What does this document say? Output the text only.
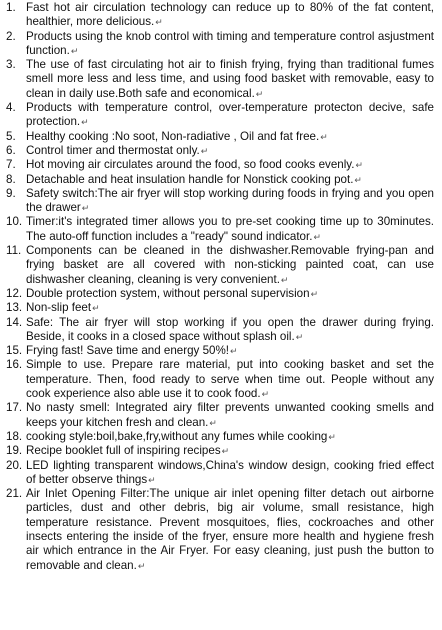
1. Fast hot air circulation technology can reduce up to 80% of the fat content, healthier, more delicious.↵
2. Products using the knob control with timing and temperature control asjustment function.↵
3. The use of fast circulating hot air to finish frying, frying than traditional fumes smell more less and less time, and using food basket with removable, easy to clean in daily use.Both safe and economical.↵
4. Products with temperature control, over-temperature protecton decive, safe protection.↵
5. Healthy cooking :No soot, Non-radiative , Oil and fat free.↵
6. Control timer and thermostat only.↵
7. Hot moving air circulates around the food, so food cooks evenly.↵
8. Detachable and heat insulation handle for Nonstick cooking pot.↵
9. Safety switch:The air fryer will stop working during foods in frying and you open the drawer↵
10. Timer:it's integrated timer allows you to pre-set cooking time up to 30minutes. The auto-off function includes a "ready" sound indicator.↵
11. Components can be cleaned in the dishwasher.Removable frying-pan and frying basket are all covered with non-sticking painted coat, can use dishwasher cleaning, cleaning is very convenient.↵
12. Double protection system, without personal supervision↵
13. Non-slip feet↵
14. Safe: The air fryer will stop working if you open the drawer during frying. Beside, it cooks in a closed space without splash oil.↵
15. Frying fast! Save time and energy 50%!↵
16. Simple to use. Prepare rare material, put into cooking basket and set the temperature. Then, food ready to serve when time out. People without any cook experience also able use it to cook food.↵
17. No nasty smell: Integrated airy filter prevents unwanted cooking smells and keeps your kitchen fresh and clean.↵
18. cooking style:boil,bake,fry,without any fumes while cooking↵
19. Recipe booklet full of inspiring recipes↵
20. LED lighting transparent windows,China's window design, cooking fried effect of better observe things↵
21. Air Inlet Opening Filter:The unique air inlet opening filter detach out airborne particles, dust and other debris, big air volume, small resistance, high temperature resistance. Prevent mosquitoes, flies, cockroaches and other insects entering the inside of the fryer, ensure more health and hygiene fresh air which entrance in the Air Fryer. For easy cleaning, just push the button to removable and clean.↵
